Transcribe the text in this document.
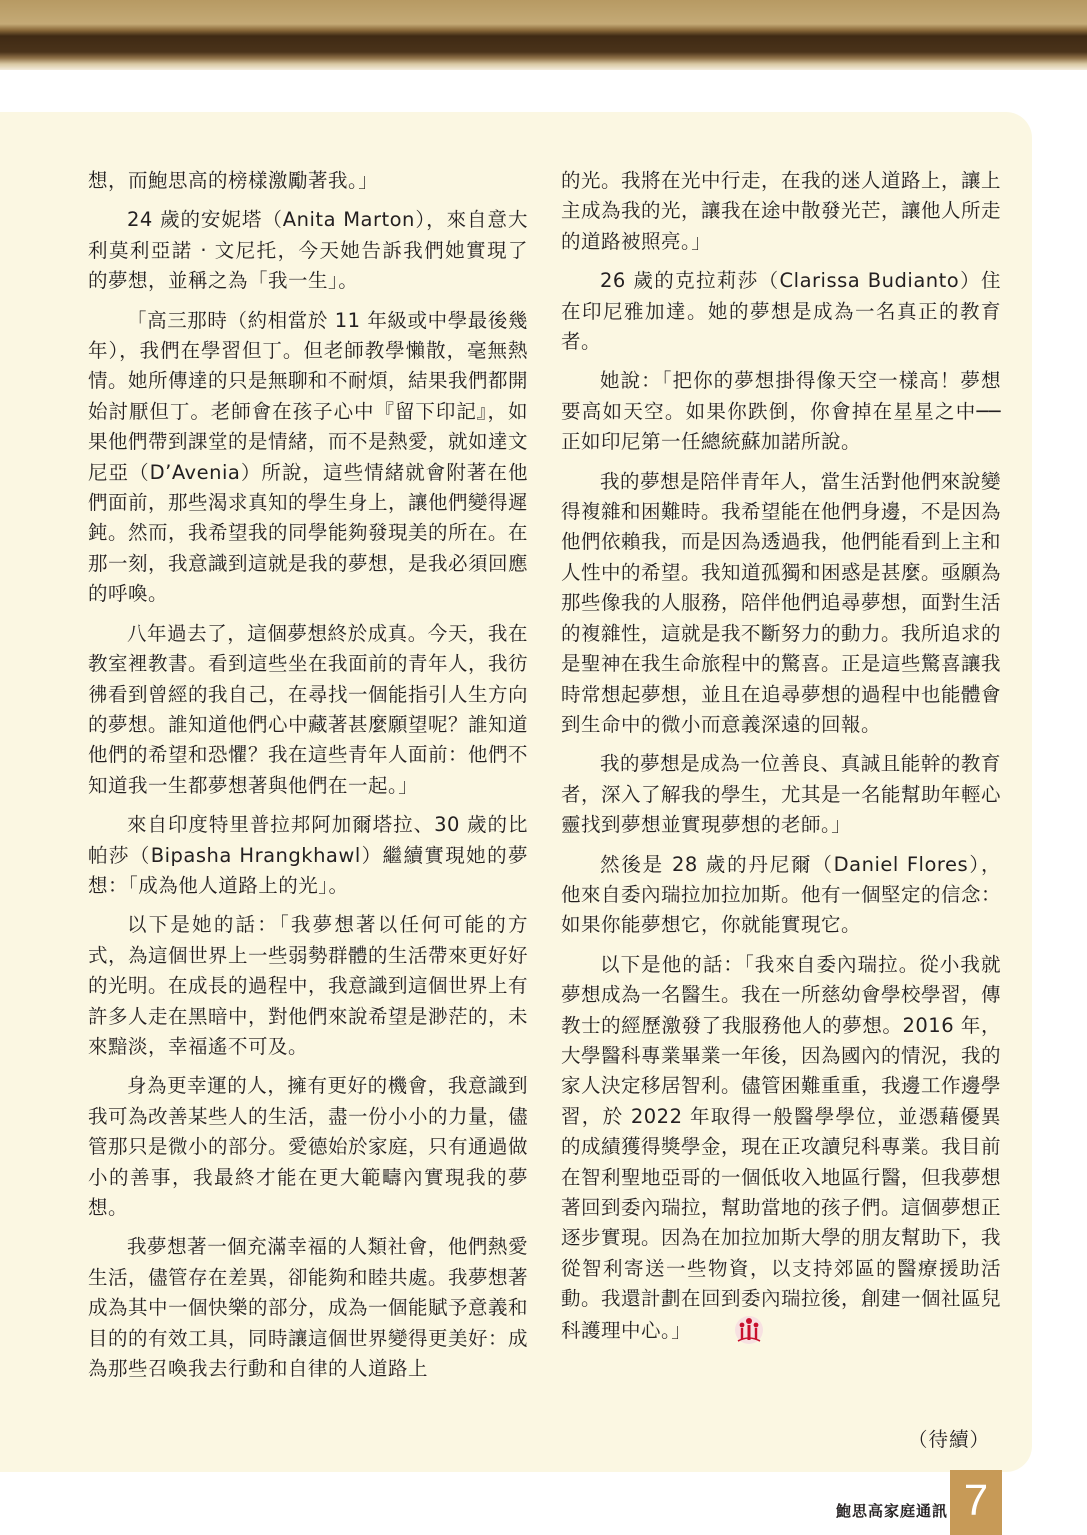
想，而鮑思高的榜樣激勵著我。」

24 歲的安妮塔（Anita Marton），來自意大利莫利亞諾 ‧ 文尼托，今天她告訴我們她實現了的夢想，並稱之為「我一生」。

「高三那時（約相當於 11 年級或中學最後幾年），我們在學習但丁。但老師教學懶散，毫無熱情。她所傳達的只是無聊和不耐煩，結果我們都開始討厭但丁。老師會在孩子心中『留下印記』，如果他們帶到課堂的是情緒，而不是熱愛，就如達文尼亞（D’Avenia）所說，這些情緒就會附著在他們面前，那些渴求真知的學生身上，讓他們變得遲鈍。然而，我希望我的同學能夠發現美的所在。在那一刻，我意識到這就是我的夢想，是我必須回應的呼喚。

八年過去了，這個夢想終於成真。今天，我在教室裡教書。看到這些坐在我面前的青年人，我彷彿看到曾經的我自己，在尋找一個能指引人生方向的夢想。誰知道他們心中藏著甚麼願望呢？誰知道他們的希望和恐懼？我在這些青年人面前：他們不知道我一生都夢想著與他們在一起。」

來自印度特里普拉邦阿加爾塔拉、30 歲的比帕莎（Bipasha Hrangkhawl）繼續實現她的夢想：「成為他人道路上的光」。

以下是她的話：「我夢想著以任何可能的方式，為這個世界上一些弱勢群體的生活帶來更好好的光明。在成長的過程中，我意識到這個世界上有許多人走在黑暗中，對他們來說希望是渺茫的，未來黯淡，幸福遙不可及。

身為更幸運的人，擁有更好的機會，我意識到我可為改善某些人的生活，盡一份小小的力量，儘管那只是微小的部分。愛德始於家庭，只有通過做小的善事，我最終才能在更大範疇內實現我的夢想。

我夢想著一個充滿幸福的人類社會，他們熱愛生活，儘管存在差異，卻能夠和睦共處。我夢想著成為其中一個快樂的部分，成為一個能賦予意義和目的的有效工具，同時讓這個世界變得更美好：成為那些召喚我去行動和自律的人道路上

的光。我將在光中行走，在我的迷人道路上，讓上主成為我的光，讓我在途中散發光芒，讓他人所走的道路被照亮。」

26 歲的克拉莉莎（Clarissa Budianto）住在印尼雅加達。她的夢想是成為一名真正的教育者。

她說：「把你的夢想掛得像天空一樣高！夢想要高如天空。如果你跌倒，你會掉在星星之中──正如印尼第一任總統蘇加諾所說。

我的夢想是陪伴青年人，當生活對他們來說變得複雜和困難時。我希望能在他們身邊，不是因為他們依賴我，而是因為透過我，他們能看到上主和人性中的希望。我知道孤獨和困惑是甚麼。亟願為那些像我的人服務，陪伴他們追尋夢想，面對生活的複雜性，這就是我不斷努力的動力。我所追求的是聖神在我生命旅程中的驚喜。正是這些驚喜讓我時常想起夢想，並且在追尋夢想的過程中也能體會到生命中的微小而意義深遠的回報。

我的夢想是成為一位善良、真誠且能幹的教育者，深入了解我的學生，尤其是一名能幫助年輕心靈找到夢想並實現夢想的老師。」

然後是 28 歲的丹尼爾（Daniel Flores），他來自委內瑞拉加拉加斯。他有一個堅定的信念：如果你能夢想它，你就能實現它。

以下是他的話：「我來自委內瑞拉。從小我就夢想成為一名醫生。我在一所慈幼會學校學習，傳教士的經歷激發了我服務他人的夢想。2016 年，大學醫科專業畢業一年後，因為國內的情況，我的家人決定移居智利。儘管困難重重，我邊工作邊學習，於 2022 年取得一般醫學學位，並憑藉優異的成績獲得獎學金，現在正攻讀兒科專業。我目前在智利聖地亞哥的一個低收入地區行醫，但我夢想著回到委內瑞拉，幫助當地的孩子們。這個夢想正逐步實現。因為在加拉加斯大學的朋友幫助下，我從智利寄送一些物資，以支持郊區的醫療援助活動。我還計劃在回到委內瑞拉後，創建一個社區兒科護理中心。」

（待續）
鮑思高家庭通訊 7
